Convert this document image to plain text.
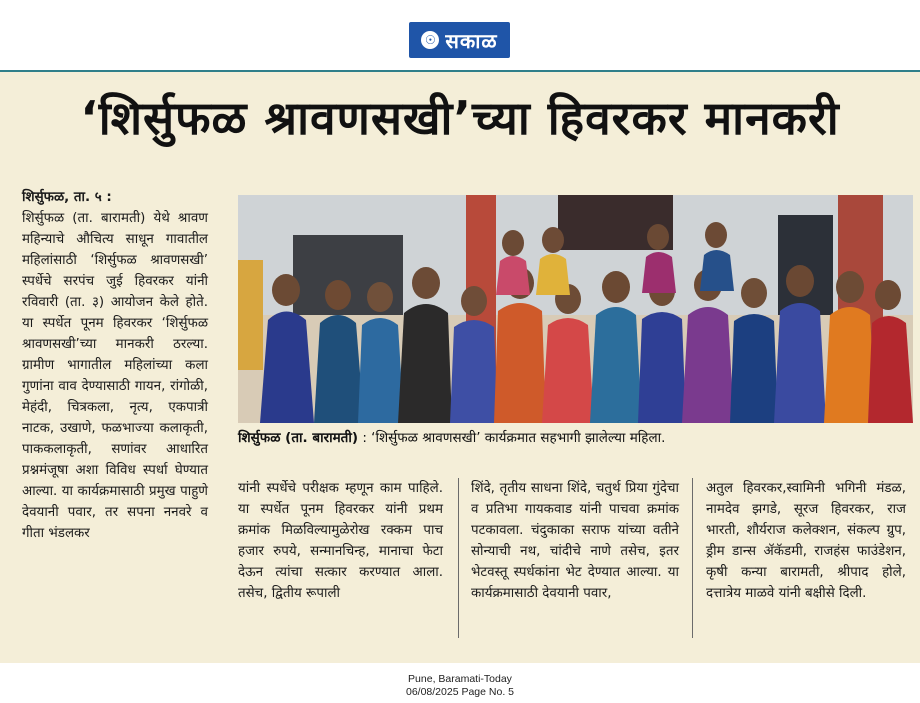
☉ सकाळ
‘शिर्सुफळ श्रावणसखी’च्या हिवरकर मानकरी

शिर्सुफळ, ता. ५ :

शिर्सुफळ (ता. बारामती) येथे श्रावण महिन्याचे औचित्य साधून गावातील महिलांसाठी ‘शिर्सुफळ श्रावणसखी’ स्पर्धेचे सरपंच जुई हिवरकर यांनी रविवारी (ता. ३) आयोजन केले होते. या स्पर्धेत पूनम हिवरकर ‘शिर्सुफळ श्रावणसखी’च्या मानकरी ठरल्या. ग्रामीण भागातील महिलांच्या कला गुणांना वाव देण्यासाठी गायन, रांगोळी, मेहंदी, चित्रकला, नृत्य, एकपात्री नाटक, उखाणे, फळभाज्या कलाकृती, पाककलाकृती, सणांवर आधारित प्रश्नमंजूषा अशा विविध स्पर्धा घेण्यात आल्या. या कार्यक्रमासाठी प्रमुख पाहुणे देवयानी पवार, तर सपना ननवरे व गीता भंडलकर

शिर्सुफळ (ता. बारामती) : ‘शिर्सुफळ श्रावणसखी’ कार्यक्रमात सहभागी झालेल्या महिला.

यांनी स्पर्धेचे परीक्षक म्हणून काम पाहिले. या स्पर्धेत पूनम हिवरकर यांनी प्रथम क्रमांक मिळविल्यामुळेरोख रक्कम पाच हजार रुपये, सन्मानचिन्ह, मानाचा फेटा देऊन त्यांचा सत्कार करण्यात आला. तसेच, द्वितीय रूपाली

शिंदे, तृतीय साधना शिंदे, चतुर्थ प्रिया गुंदेचा व प्रतिभा गायकवाड यांनी पाचवा क्रमांक पटकावला. चंदुकाका सराफ यांच्या वतीने सोन्याची नथ, चांदीचे नाणे तसेच, इतर भेटवस्तू स्पर्धकांना भेट देण्यात आल्या. या कार्यक्रमासाठी देवयानी पवार,

अतुल हिवरकर,स्वामिनी भगिनी मंडळ, नामदेव झगडे, सूरज हिवरकर, राज भारती, शौर्यराज कलेक्शन, संकल्प ग्रुप, ड्रीम डान्स ॲकॅडमी, राजहंस फाउंडेशन, कृषी कन्या बारामती, श्रीपाद होले, दत्तात्रेय माळवे यांनी बक्षीसे दिली.

Pune, Baramati-Today
06/08/2025 Page No. 5
